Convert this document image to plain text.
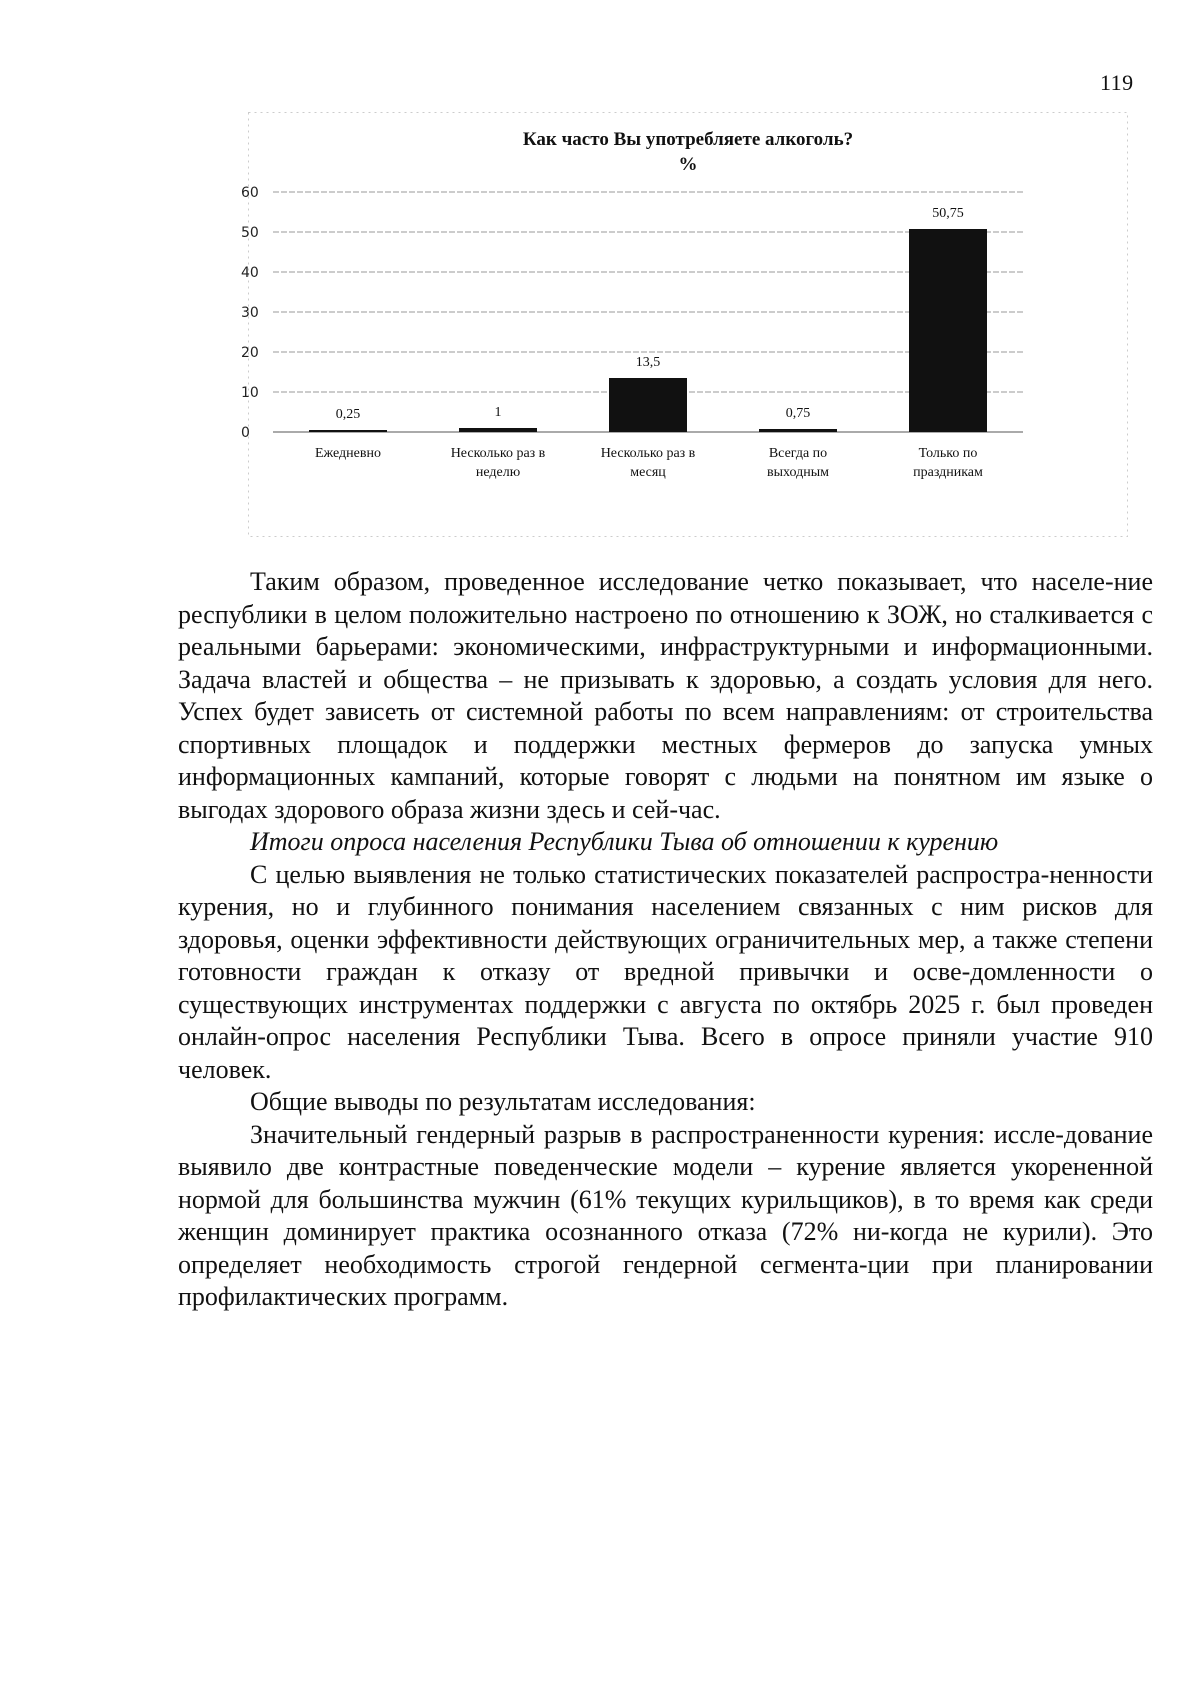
119
Как часто Вы употребляете алкоголь?
%
0
10
20
30
40
50
60
0,25	1
13,5
0,75
50,75
Ежедневно	Несколько раз в
неделю
Несколько раз в
месяц
Всегда по
выходным
Только по
праздникам

Таким образом, проведенное исследование четко показывает, что населе-ние республики в целом положительно настроено по отношению к ЗОЖ, но сталкивается с реальными барьерами: экономическими, инфраструктурными и информационными. Задача властей и общества – не призывать к здоровью, а создать условия для него. Успех будет зависеть от системной работы по всем направлениям: от строительства спортивных площадок и поддержки местных фермеров до запуска умных информационных кампаний, которые говорят с людьми на понятном им языке о выгодах здорового образа жизни здесь и сей-час.

Итоги опроса населения Республики Тыва об отношении к курению

С целью выявления не только статистических показателей распростра-ненности курения, но и глубинного понимания населением связанных с ним рисков для здоровья, оценки эффективности действующих ограничительных мер, а также степени готовности граждан к отказу от вредной привычки и осве-домленности о существующих инструментах поддержки с августа по октябрь 2025 г. был проведен онлайн-опрос населения Республики Тыва. Всего в опросе приняли участие 910 человек.

Общие выводы по результатам исследования:

Значительный гендерный разрыв в распространенности курения: иссле-дование выявило две контрастные поведенческие модели – курение является укорененной нормой для большинства мужчин (61% текущих курильщиков), в то время как среди женщин доминирует практика осознанного отказа (72% ни-когда не курили). Это определяет необходимость строгой гендерной сегмента-ции при планировании профилактических программ.
